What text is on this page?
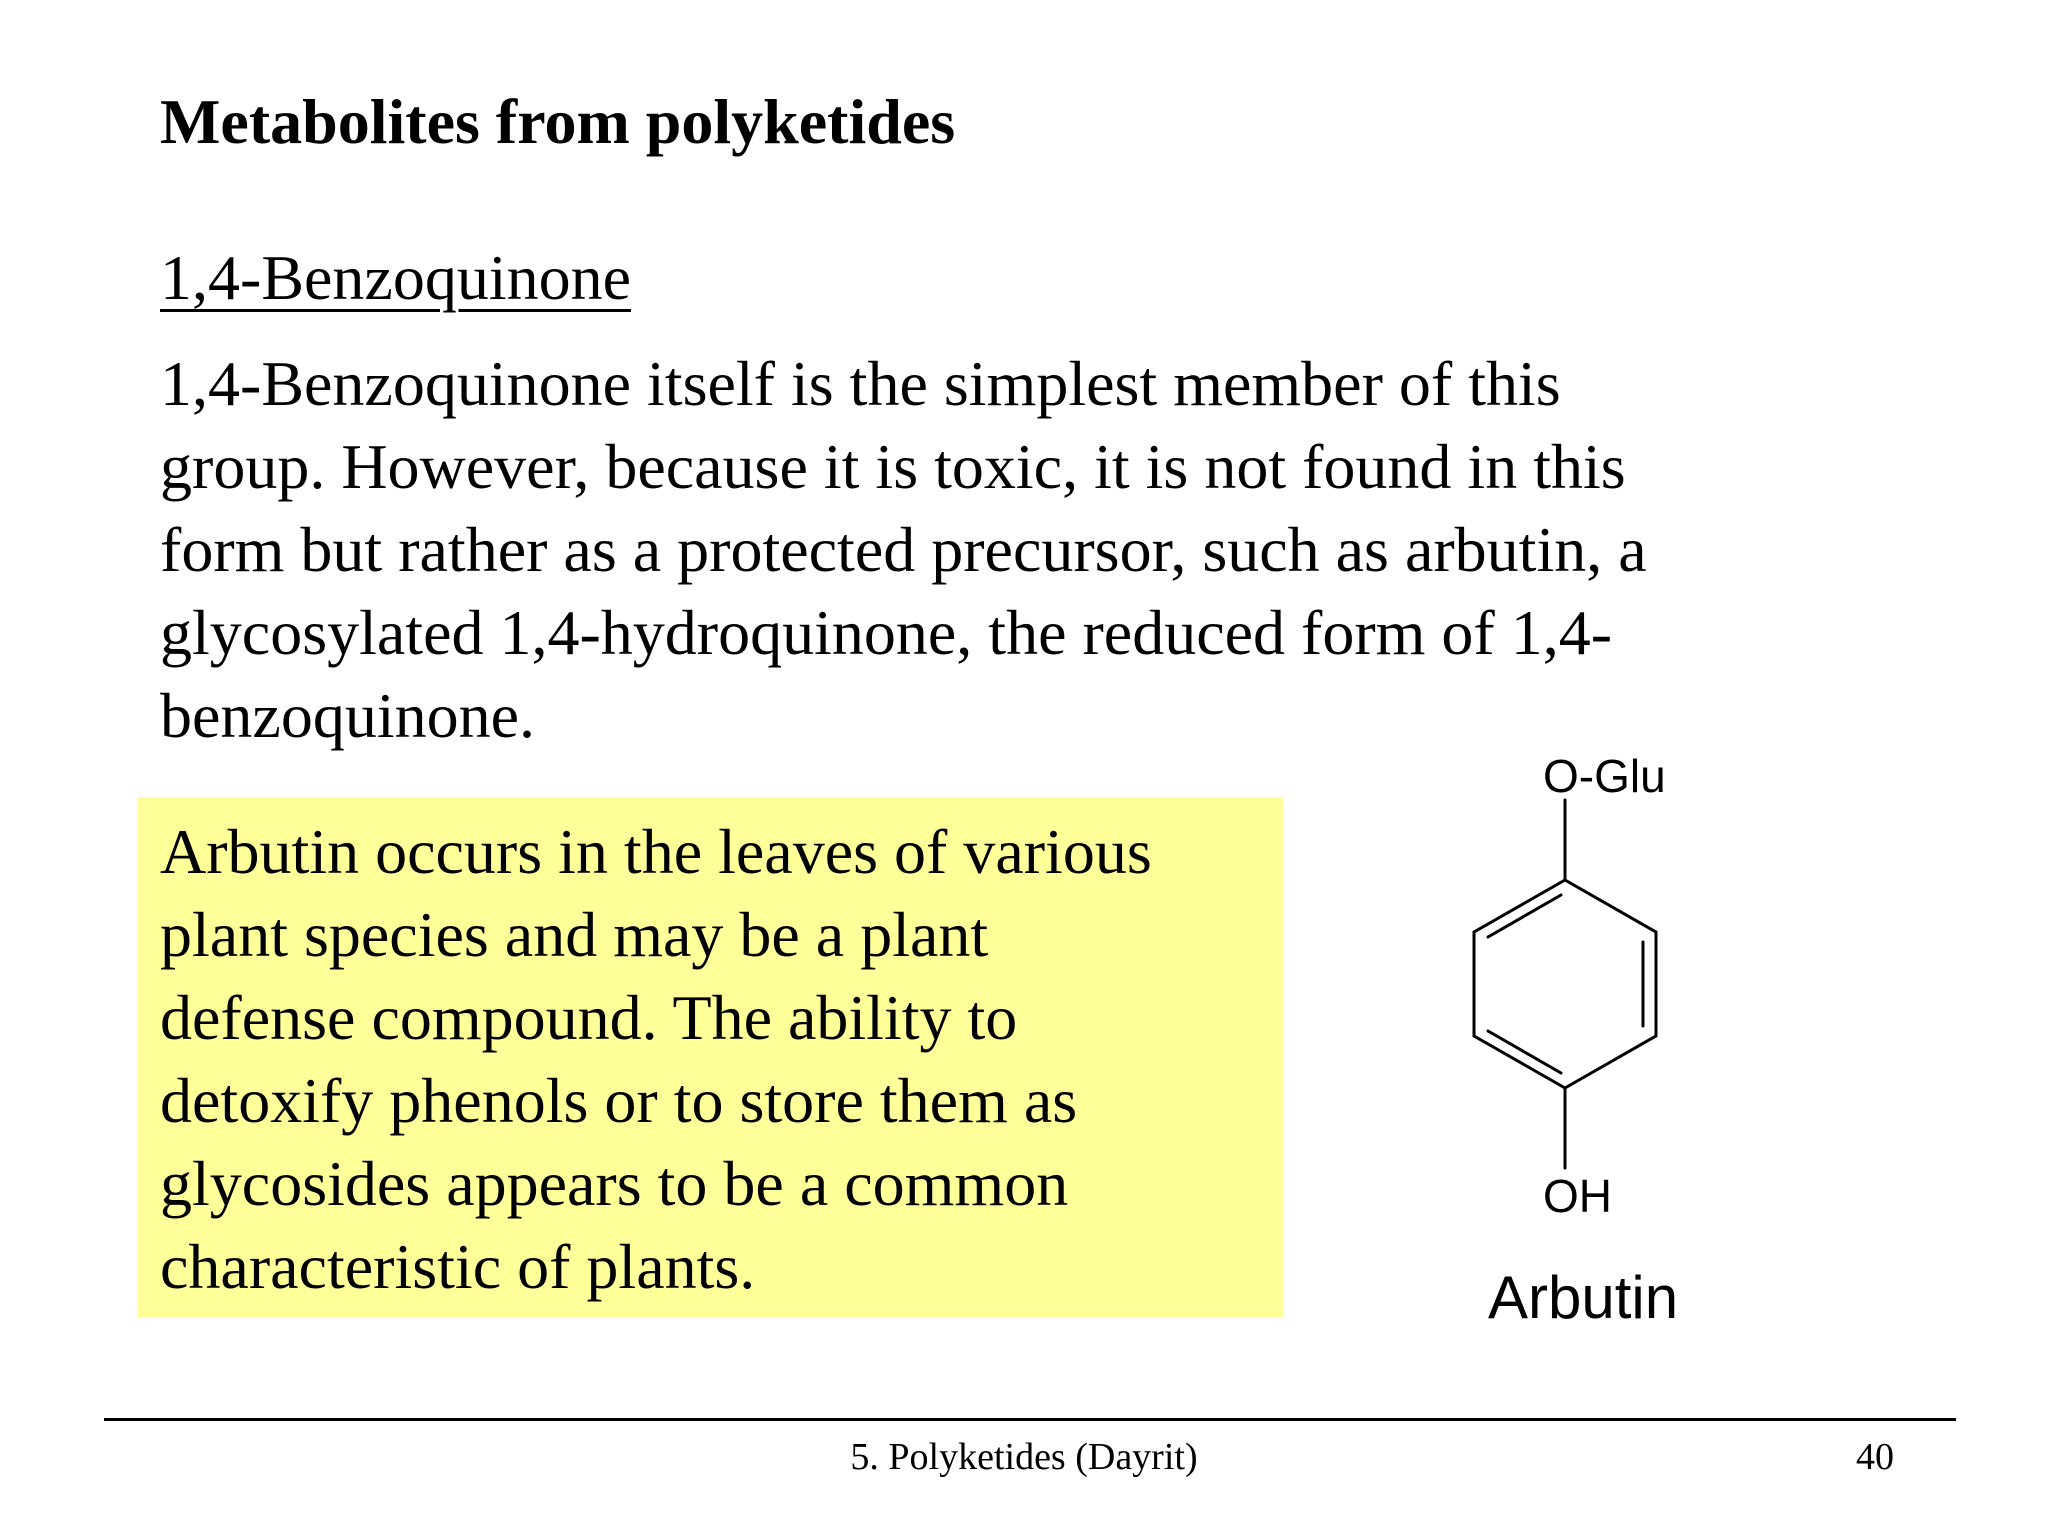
Metabolites from polyketides
1,4-Benzoquinone
1,4-Benzoquinone itself is the simplest member of this
group. However, because it is toxic, it is not found in this
form but rather as a protected precursor, such as arbutin, a
glycosylated 1,4-hydroquinone, the reduced form of 1,4-
benzoquinone.
Arbutin occurs in the leaves of various
plant species and may be a plant
defense compound. The ability to
detoxify phenols or to store them as
glycosides appears to be a common
characteristic of plants.
O-Glu
OH
Arbutin
5. Polyketides (Dayrit)	40
